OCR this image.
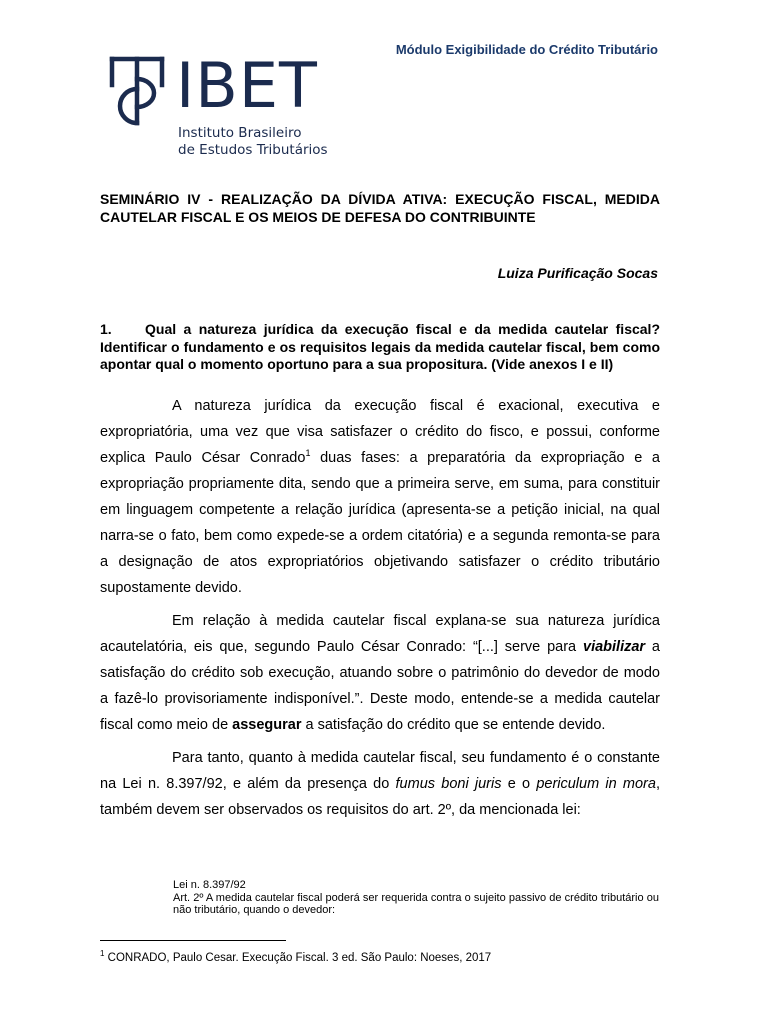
Módulo Exigibilidade do Crédito Tributário
IBET
Instituto Brasileiro
de Estudos Tributários
SEMINÁRIO IV - REALIZAÇÃO DA DÍVIDA ATIVA: EXECUÇÃO FISCAL, MEDIDA CAUTELAR FISCAL E OS MEIOS DE DEFESA DO CONTRIBUINTE
Luiza Purificação Socas
1. Qual a natureza jurídica da execução fiscal e da medida cautelar fiscal? Identificar o fundamento e os requisitos legais da medida cautelar fiscal, bem como apontar qual o momento oportuno para a sua propositura. (Vide anexos I e II)

A natureza jurídica da execução fiscal é exacional, executiva e expropriatória, uma vez que visa satisfazer o crédito do fisco, e possui, conforme explica Paulo César Conrado$^1$ duas fases: a preparatória da expropriação e a expropriação propriamente dita, sendo que a primeira serve, em suma, para constituir em linguagem competente a relação jurídica (apresenta-se a petição inicial, na qual narra-se o fato, bem como expede-se a ordem citatória) e a segunda remonta-se para a designação de atos expropriatórios objetivando satisfazer o crédito tributário supostamente devido.

Em relação à medida cautelar fiscal explana-se sua natureza jurídica acautelatória, eis que, segundo Paulo César Conrado: “[...] serve para viabilizar a satisfação do crédito sob execução, atuando sobre o patrimônio do devedor de modo a fazê-lo provisoriamente indisponível.”. Deste modo, entende-se a medida cautelar fiscal como meio de assegurar a satisfação do crédito que se entende devido.

Para tanto, quanto à medida cautelar fiscal, seu fundamento é o constante na Lei n. 8.397/92, e além da presença do fumus boni juris e o periculum in mora, também devem ser observados os requisitos do art. 2º, da mencionada lei:

Lei n. 8.397/92
Art. 2º A medida cautelar fiscal poderá ser requerida contra o sujeito passivo de crédito tributário ou não tributário, quando o devedor:
$^1$ CONRADO, Paulo Cesar. Execução Fiscal. 3 ed. São Paulo: Noeses, 2017
